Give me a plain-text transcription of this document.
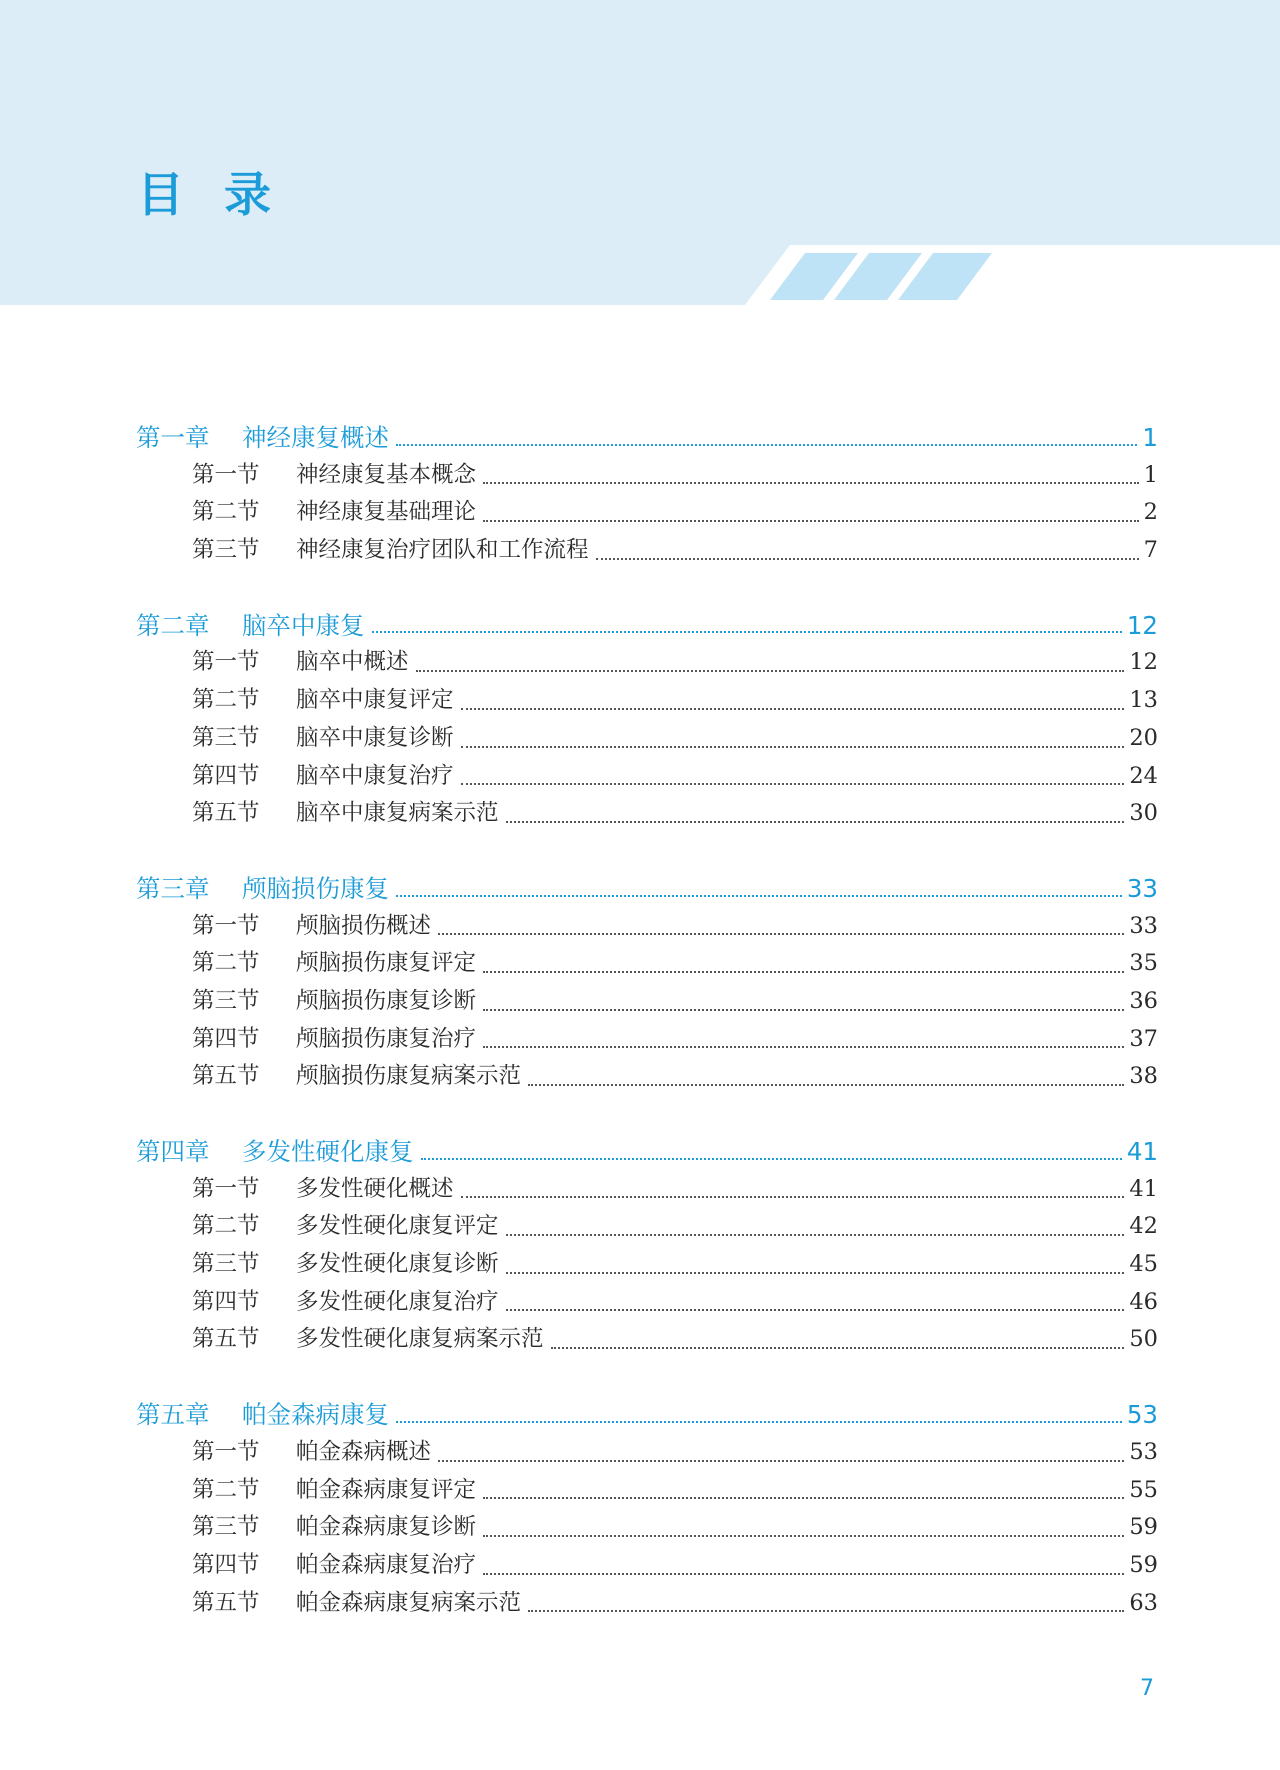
目 录
第一章	神经康复概述	1
第一节	神经康复基本概念	1
第二节	神经康复基础理论	2
第三节	神经康复治疗团队和工作流程	7
第二章	脑卒中康复	12
第一节	脑卒中概述	12
第二节	脑卒中康复评定	13
第三节	脑卒中康复诊断	20
第四节	脑卒中康复治疗	24
第五节	脑卒中康复病案示范	30
第三章	颅脑损伤康复	33
第一节	颅脑损伤概述	33
第二节	颅脑损伤康复评定	35
第三节	颅脑损伤康复诊断	36
第四节	颅脑损伤康复治疗	37
第五节	颅脑损伤康复病案示范	38
第四章	多发性硬化康复	41
第一节	多发性硬化概述	41
第二节	多发性硬化康复评定	42
第三节	多发性硬化康复诊断	45
第四节	多发性硬化康复治疗	46
第五节	多发性硬化康复病案示范	50
第五章	帕金森病康复	53
第一节	帕金森病概述	53
第二节	帕金森病康复评定	55
第三节	帕金森病康复诊断	59
第四节	帕金森病康复治疗	59
第五节	帕金森病康复病案示范	63
7
